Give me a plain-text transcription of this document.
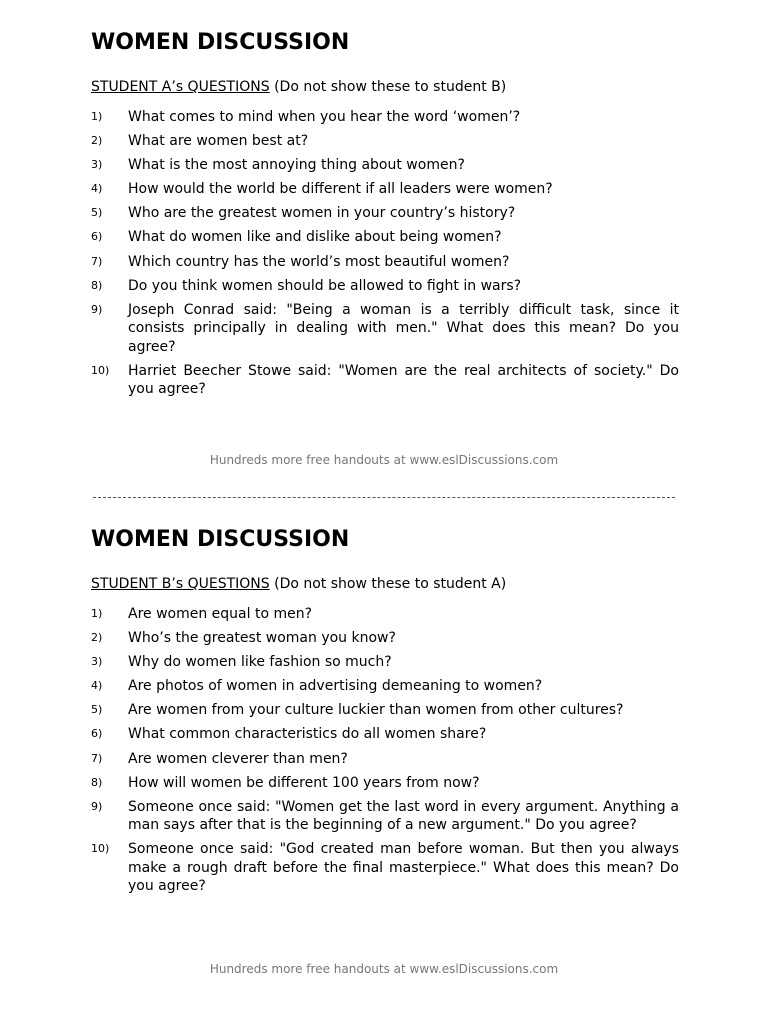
WOMEN DISCUSSION
STUDENT A’s QUESTIONS (Do not show these to student B)
1)	What comes to mind when you hear the word ‘women’?
2)	What are women best at?
3)	What is the most annoying thing about women?
4)	How would the world be different if all leaders were women?
5)	Who are the greatest women in your country’s history?
6)	What do women like and dislike about being women?
7)	Which country has the world’s most beautiful women?
8)	Do you think women should be allowed to fight in wars?
9)	Joseph Conrad said: "Being a woman is a terribly difficult task, since it consists principally in dealing with men." What does this mean? Do you agree?
10)	Harriet Beecher Stowe said: "Women are the real architects of society." Do you agree?
Hundreds more free handouts at www.eslDiscussions.com
WOMEN DISCUSSION
STUDENT B’s QUESTIONS (Do not show these to student A)
1)	Are women equal to men?
2)	Who’s the greatest woman you know?
3)	Why do women like fashion so much?
4)	Are photos of women in advertising demeaning to women?
5)	Are women from your culture luckier than women from other cultures?
6)	What common characteristics do all women share?
7)	Are women cleverer than men?
8)	How will women be different 100 years from now?
9)	Someone once said: "Women get the last word in every argument. Anything a man says after that is the beginning of a new argument." Do you agree?
10)	Someone once said: "God created man before woman. But then you always make a rough draft before the final masterpiece." What does this mean? Do you agree?
Hundreds more free handouts at www.eslDiscussions.com
